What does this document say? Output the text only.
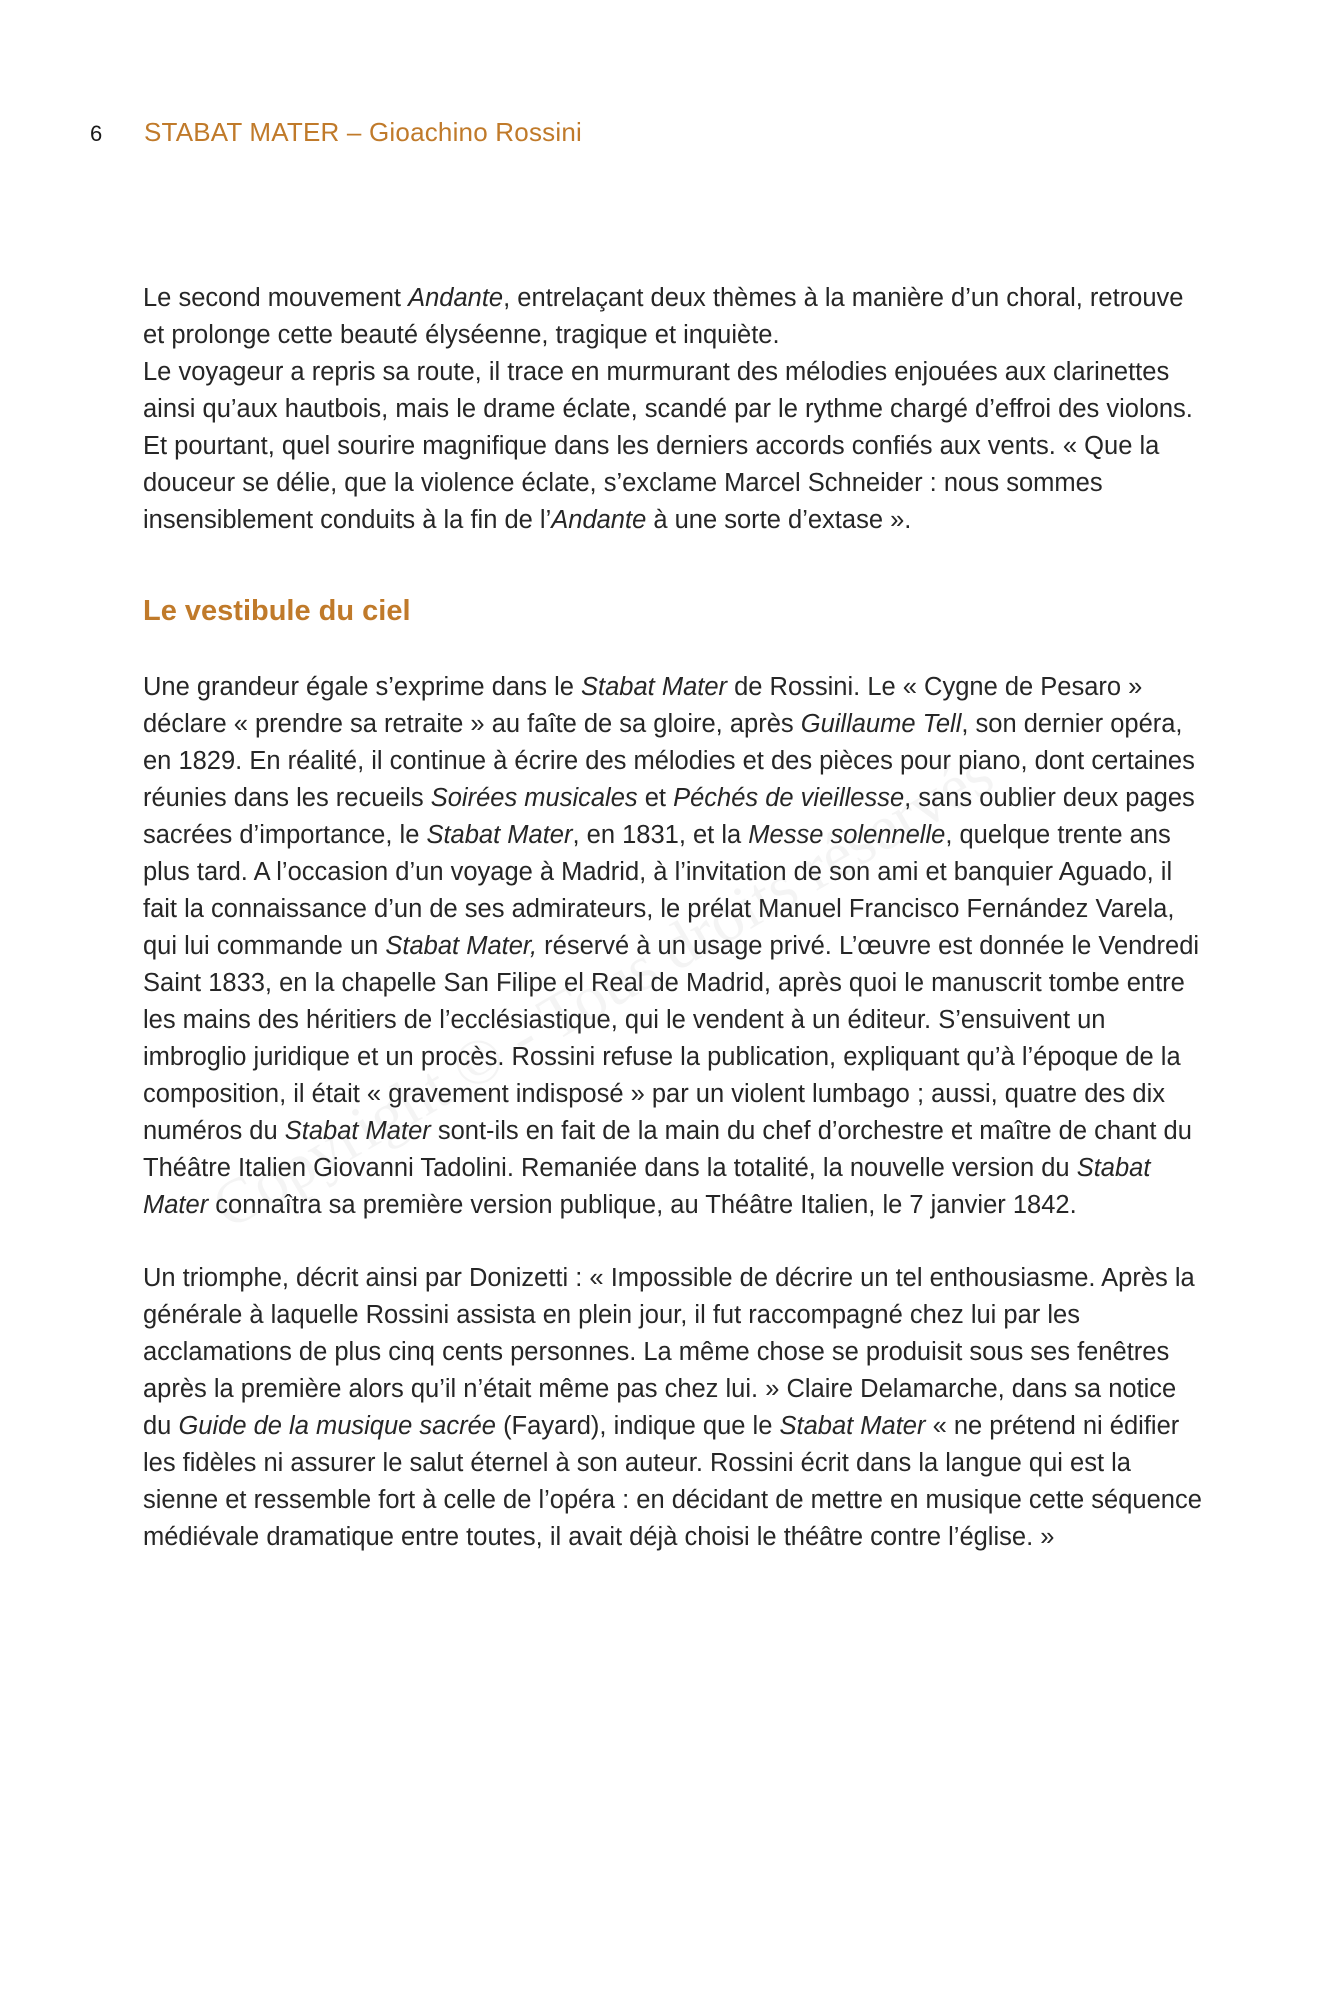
6	STABAT MATER – Gioachino Rossini

Le second mouvement Andante, entrelaçant deux thèmes à la manière d’un choral, retrouve et prolonge cette beauté élyséenne, tragique et inquiète.

Le voyageur a repris sa route, il trace en murmurant des mélodies enjouées aux clarinettes ainsi qu’aux hautbois, mais le drame éclate, scandé par le rythme chargé d’effroi des violons. Et pourtant, quel sourire magnifique dans les derniers accords confiés aux vents. « Que la douceur se délie, que la violence éclate, s’exclame Marcel Schneider : nous sommes insensiblement conduits à la fin de l’Andante à une sorte d’extase ».

Le vestibule du ciel

Une grandeur égale s’exprime dans le Stabat Mater de Rossini. Le « Cygne de Pesaro » déclare « prendre sa retraite » au faîte de sa gloire, après Guillaume Tell, son dernier opéra, en 1829. En réalité, il continue à écrire des mélodies et des pièces pour piano, dont certaines réunies dans les recueils Soirées musicales et Péchés de vieillesse, sans oublier deux pages sacrées d’importance, le Stabat Mater, en 1831, et la Messe solennelle, quelque trente ans plus tard. A l’occasion d’un voyage à Madrid, à l’invitation de son ami et banquier Aguado, il fait la connaissance d’un de ses admirateurs, le prélat Manuel Francisco Fernández Varela, qui lui commande un Stabat Mater, réservé à un usage privé. L’œuvre est donnée le Vendredi Saint 1833, en la chapelle San Filipe el Real de Madrid, après quoi le manuscrit tombe entre les mains des héritiers de l’ecclésiastique, qui le vendent à un éditeur. S’ensuivent un imbroglio juridique et un procès. Rossini refuse la publication, expliquant qu’à l’époque de la composition, il était « gravement indisposé » par un violent lumbago ; aussi, quatre des dix numéros du Stabat Mater sont-ils en fait de la main du chef d’orchestre et maître de chant du Théâtre Italien Giovanni Tadolini. Remaniée dans la totalité, la nouvelle version du Stabat Mater connaîtra sa première version publique, au Théâtre Italien, le 7 janvier 1842.

Un triomphe, décrit ainsi par Donizetti : « Impossible de décrire un tel enthousiasme. Après la générale à laquelle Rossini assista en plein jour, il fut raccompagné chez lui par les acclamations de plus cinq cents personnes. La même chose se produisit sous ses fenêtres après la première alors qu’il n’était même pas chez lui. » Claire Delamarche, dans sa notice du Guide de la musique sacrée (Fayard), indique que le Stabat Mater « ne prétend ni édifier les fidèles ni assurer le salut éternel à son auteur. Rossini écrit dans la langue qui est la sienne et ressemble fort à celle de l’opéra : en décidant de mettre en musique cette séquence médiévale dramatique entre toutes, il avait déjà choisi le théâtre contre l’église. »
